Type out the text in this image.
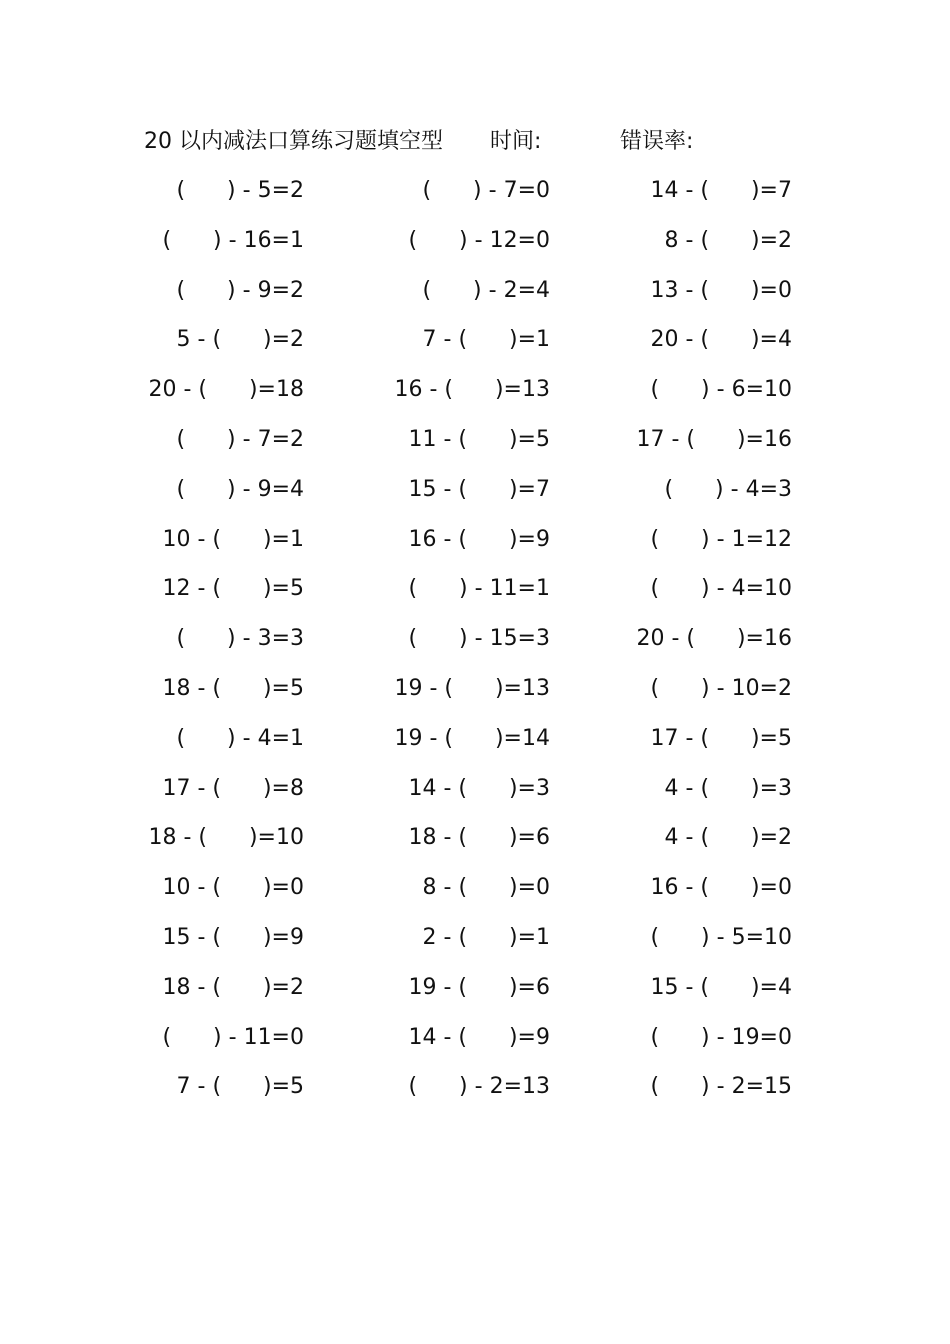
20 以内减法口算练习题填空型 时间:	错误率:
(      ) - 5=2	(      ) - 7=0	14 - (      )=7
(      ) - 16=1	(      ) - 12=0	8 - (      )=2
(      ) - 9=2	(      ) - 2=4	13 - (      )=0
5 - (      )=2	7 - (      )=1	20 - (      )=4
20 - (      )=18	16 - (      )=13	(      ) - 6=10
(      ) - 7=2	11 - (      )=5	17 - (      )=16
(      ) - 9=4	15 - (      )=7	(      ) - 4=3
10 - (      )=1	16 - (      )=9	(      ) - 1=12
12 - (      )=5	(      ) - 11=1	(      ) - 4=10
(      ) - 3=3	(      ) - 15=3	20 - (      )=16
18 - (      )=5	19 - (      )=13	(      ) - 10=2
(      ) - 4=1	19 - (      )=14	17 - (      )=5
17 - (      )=8	14 - (      )=3	4 - (      )=3
18 - (      )=10	18 - (      )=6	4 - (      )=2
10 - (      )=0	8 - (      )=0	16 - (      )=0
15 - (      )=9	2 - (      )=1	(      ) - 5=10
18 - (      )=2	19 - (      )=6	15 - (      )=4
(      ) - 11=0	14 - (      )=9	(      ) - 19=0
7 - (      )=5	(      ) - 2=13	(      ) - 2=15
